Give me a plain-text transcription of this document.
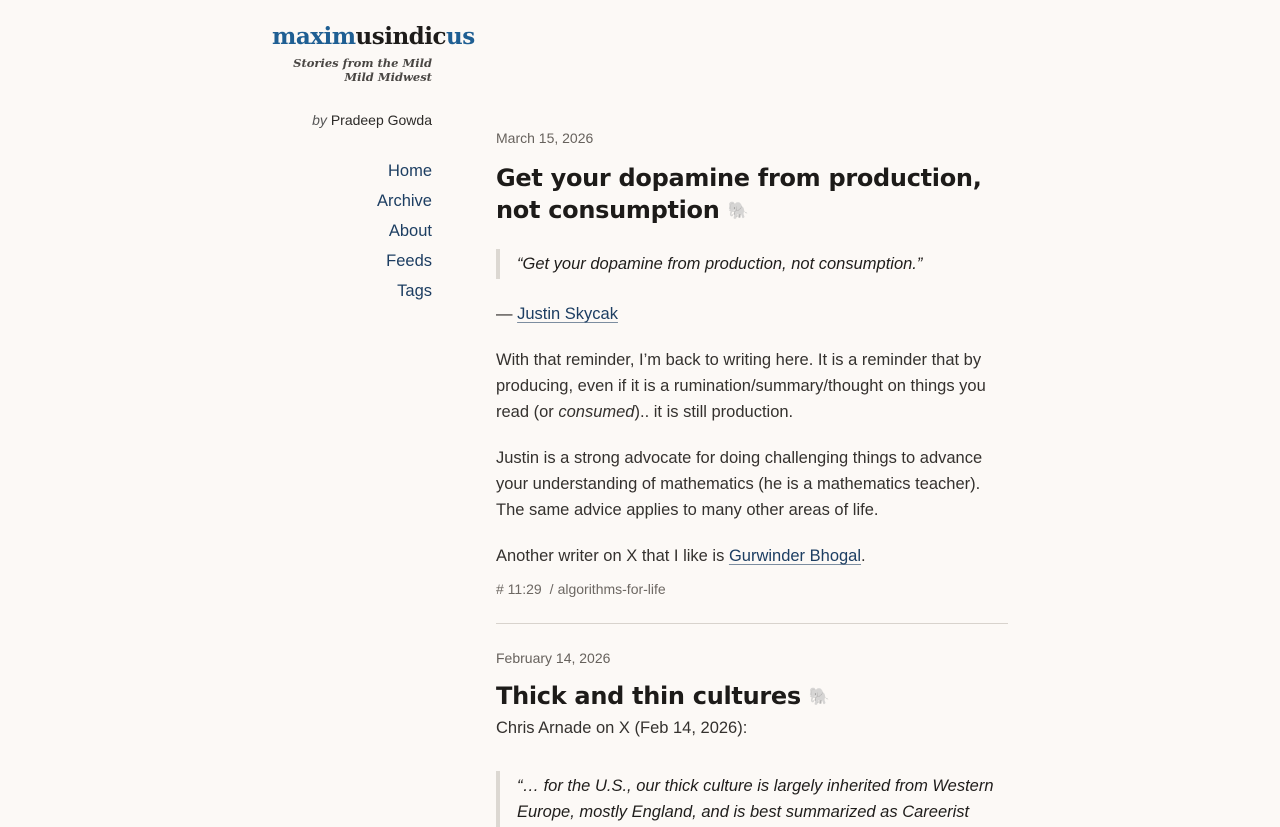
maximusindicus
Stories from the Mild
Mild Midwest
by Pradeep Gowda
Home
Archive
About
Feeds
Tags

March 15, 2026

Get your dopamine from production, not consumption 🐘
“Get your dopamine from production, not consumption.”

— Justin Skycak

With that reminder, I’m back to writing here. It is a reminder that by producing, even if it is a rumination/summary/thought on things you read (or consumed).. it is still production.

Justin is a strong advocate for doing challenging things to advance your understanding of mathematics (he is a mathematics teacher). The same advice applies to many other areas of life.

Another writer on X that I like is Gurwinder Bhogal.

# 11:29 / algorithms-for-life

February 14, 2026

Thick and thin cultures 🐘

Chris Arnade on X (Feb 14, 2026):

“… for the U.S., our thick culture is largely inherited from Western Europe, mostly England, and is best summarized as Careerist
